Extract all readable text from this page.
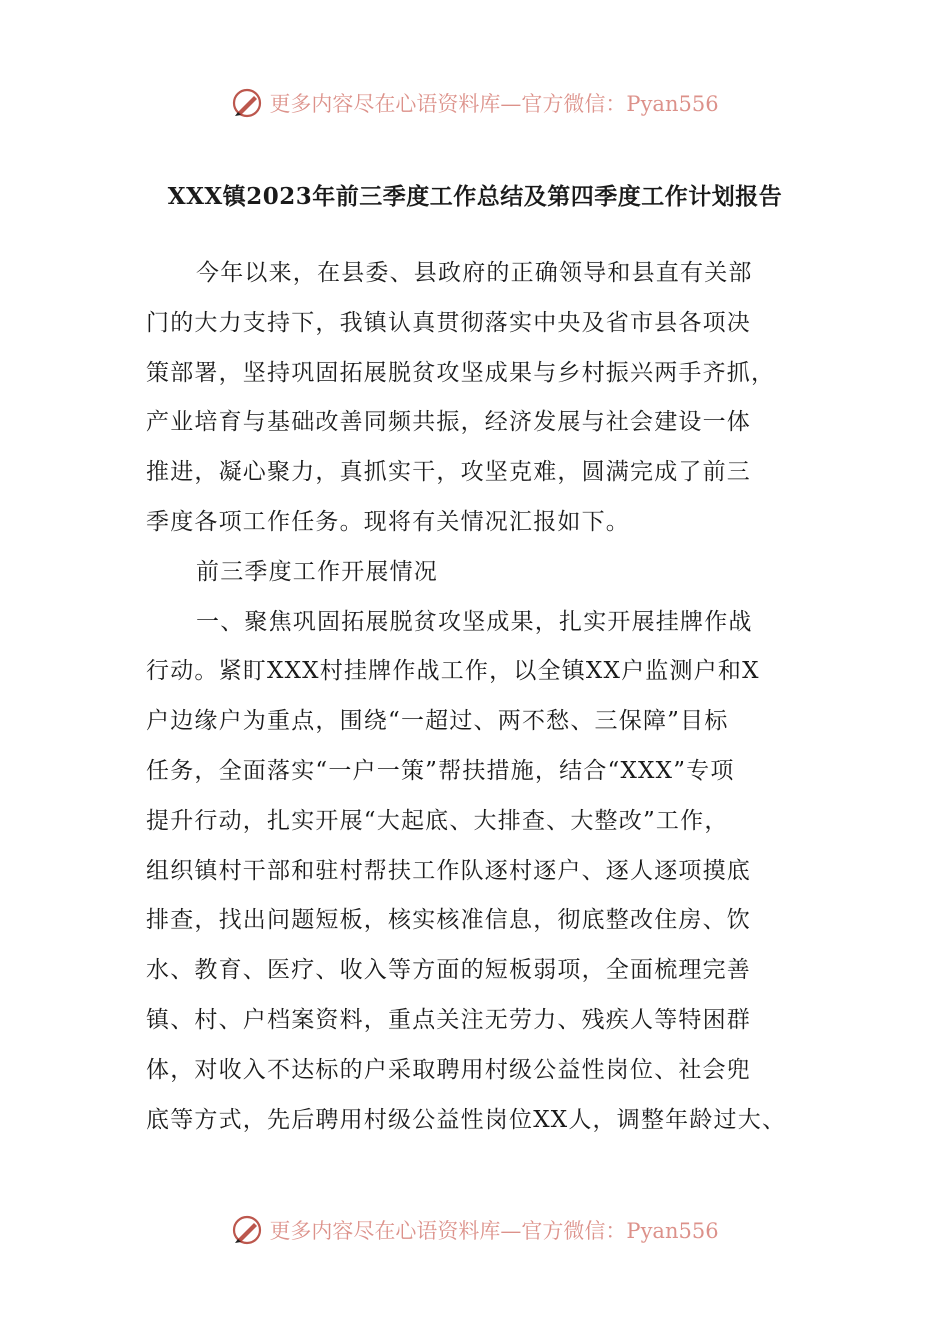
更多内容尽在心语资料库—官方微信：Pyan556
XXX镇2023年前三季度工作总结及第四季度工作计划报告
今年以来，在县委、县政府的正确领导和县直有关部
门的大力支持下，我镇认真贯彻落实中央及省市县各项决
策部署，坚持巩固拓展脱贫攻坚成果与乡村振兴两手齐抓，
产业培育与基础改善同频共振，经济发展与社会建设一体
推进，凝心聚力，真抓实干，攻坚克难，圆满完成了前三
季度各项工作任务。现将有关情况汇报如下。
前三季度工作开展情况
一、聚焦巩固拓展脱贫攻坚成果，扎实开展挂牌作战
行动。紧盯XXX村挂牌作战工作，以全镇XX户监测户和X
户边缘户为重点，围绕“一超过、两不愁、三保障”目标
任务，全面落实“一户一策”帮扶措施，结合“XXX”专项
提升行动，扎实开展“大起底、大排查、大整改”工作，
组织镇村干部和驻村帮扶工作队逐村逐户、逐人逐项摸底
排查，找出问题短板，核实核准信息，彻底整改住房、饮
水、教育、医疗、收入等方面的短板弱项，全面梳理完善
镇、村、户档案资料，重点关注无劳力、残疾人等特困群
体，对收入不达标的户采取聘用村级公益性岗位、社会兜
底等方式，先后聘用村级公益性岗位XX人，调整年龄过大、
更多内容尽在心语资料库—官方微信：Pyan556
